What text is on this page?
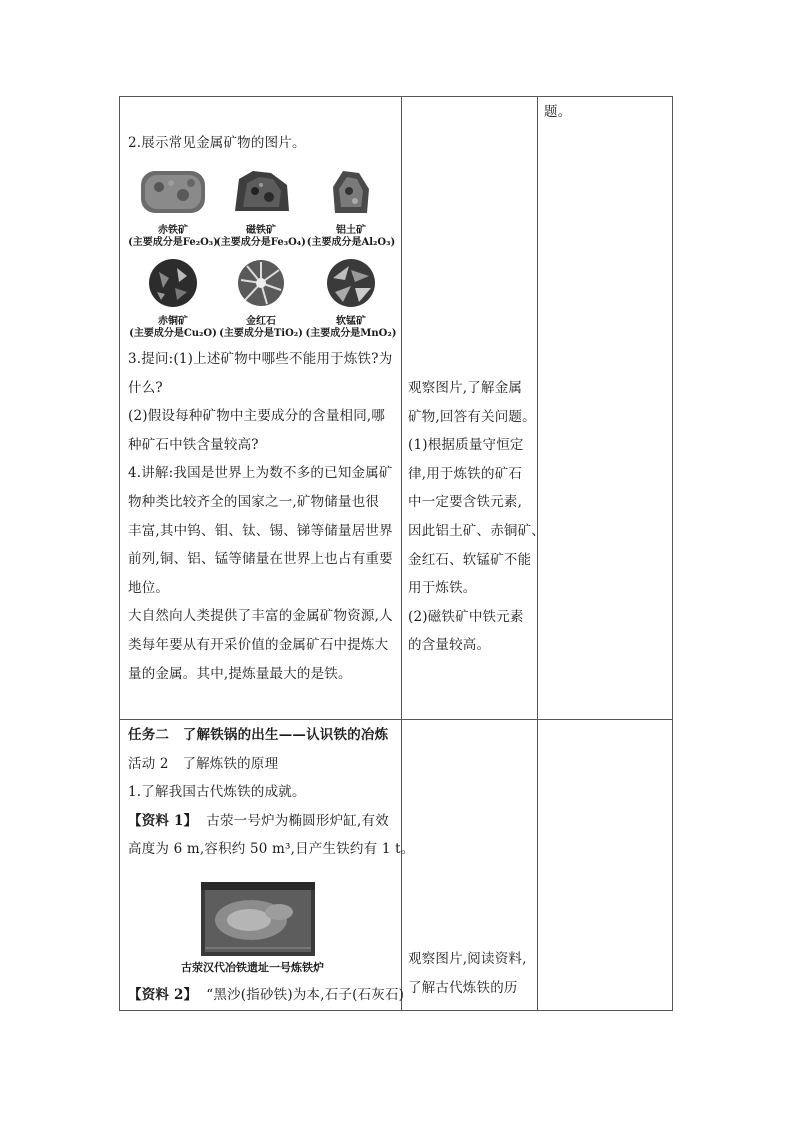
2.展示常见金属矿物的图片。

赤铁矿
(主要成分是Fe₂O₃)
磁铁矿
(主要成分是Fe₃O₄)
铝土矿
(主要成分是Al₂O₃)
赤铜矿
(主要成分是Cu₂O)
金红石
(主要成分是TiO₂)
软锰矿
(主要成分是MnO₂)

3.提问:(1)上述矿物中哪些不能用于炼铁?为

什么?

(2)假设每种矿物中主要成分的含量相同,哪

种矿石中铁含量较高?

4.讲解:我国是世界上为数不多的已知金属矿

物种类比较齐全的国家之一,矿物储量也很

丰富,其中钨、钼、钛、锡、锑等储量居世界

前列,铜、铝、锰等储量在世界上也占有重要

地位。

大自然向人类提供了丰富的金属矿物资源,人

类每年要从有开采价值的金属矿石中提炼大

量的金属。其中,提炼量最大的是铁。

观察图片,了解金属

矿物,回答有关问题。

(1)根据质量守恒定

律,用于炼铁的矿石

中一定要含铁元素,

因此铝土矿、赤铜矿、

金红石、软锰矿不能

用于炼铁。

(2)磁铁矿中铁元素

的含量较高。

题。

任务二　了解铁锅的出生——认识铁的冶炼

活动 2　了解炼铁的原理

1.了解我国古代炼铁的成就。

【资料 1】 古荥一号炉为椭圆形炉缸,有效

高度为 6 m,容积约 50 m³,日产生铁约有 1 t。

古荥汉代冶铁遗址一号炼铁炉

【资料 2】 “黑沙(指砂铁)为本,石子(石灰石)

观察图片,阅读资料,

了解古代炼铁的历
